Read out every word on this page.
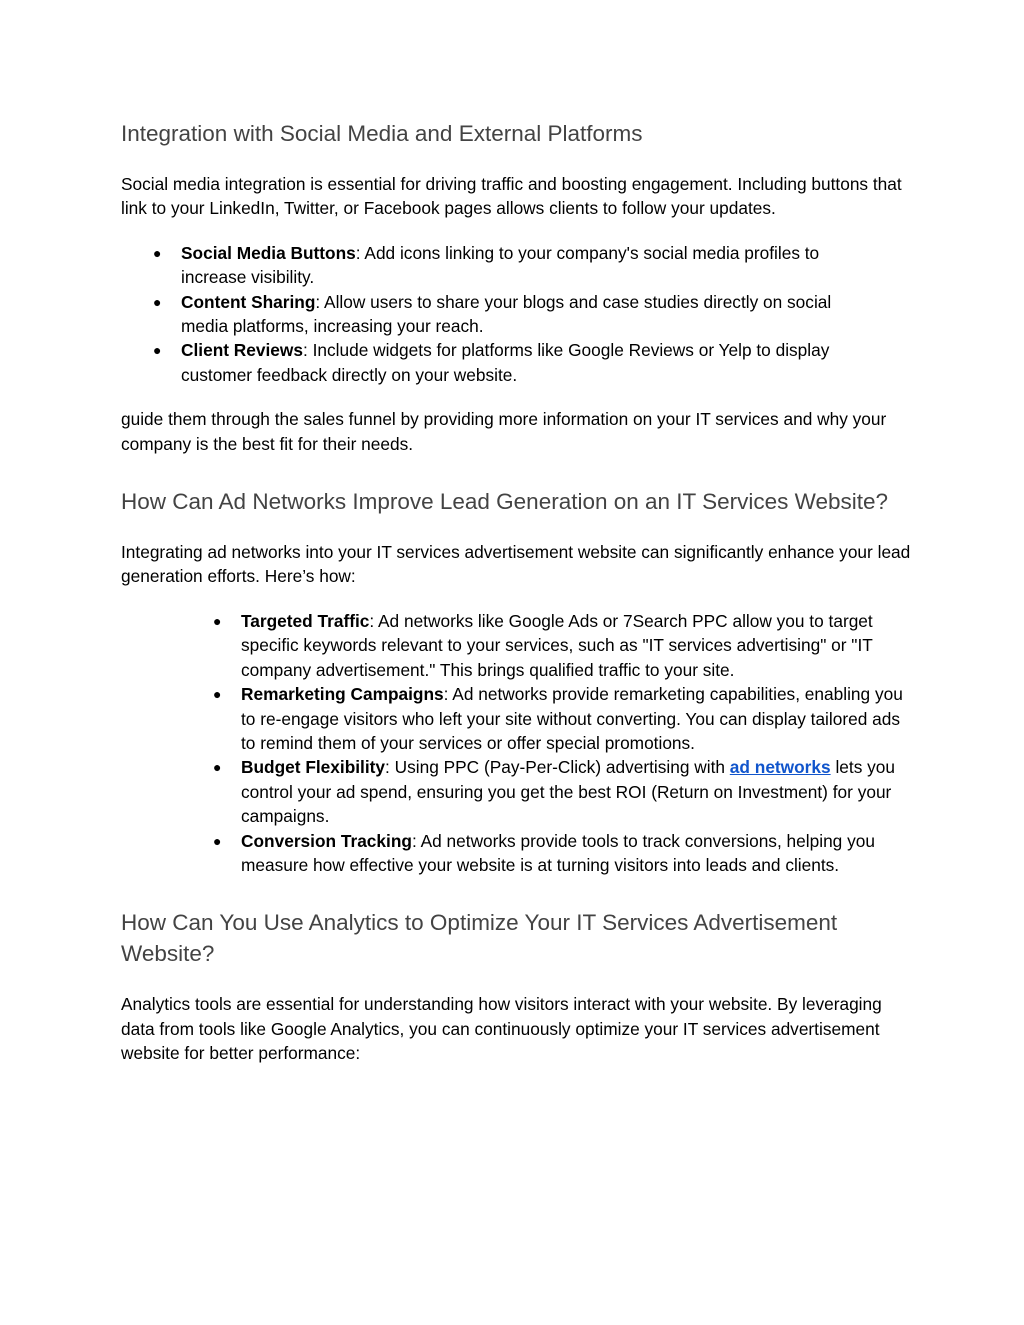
Integration with Social Media and External Platforms

Social media integration is essential for driving traffic and boosting engagement. Including buttons that link to your LinkedIn, Twitter, or Facebook pages allows clients to follow your updates.

● Social Media Buttons: Add icons linking to your company's social media profiles to increase visibility.
● Content Sharing: Allow users to share your blogs and case studies directly on social media platforms, increasing your reach.
● Client Reviews: Include widgets for platforms like Google Reviews or Yelp to display customer feedback directly on your website.

guide them through the sales funnel by providing more information on your IT services and why your company is the best fit for their needs.

How Can Ad Networks Improve Lead Generation on an IT Services Website?

Integrating ad networks into your IT services advertisement website can significantly enhance your lead generation efforts. Here’s how:

● Targeted Traffic: Ad networks like Google Ads or 7Search PPC allow you to target specific keywords relevant to your services, such as "IT services advertising" or "IT company advertisement." This brings qualified traffic to your site.
● Remarketing Campaigns: Ad networks provide remarketing capabilities, enabling you to re-engage visitors who left your site without converting. You can display tailored ads to remind them of your services or offer special promotions.
● Budget Flexibility: Using PPC (Pay-Per-Click) advertising with ad networks lets you control your ad spend, ensuring you get the best ROI (Return on Investment) for your campaigns.
● Conversion Tracking: Ad networks provide tools to track conversions, helping you measure how effective your website is at turning visitors into leads and clients.
How Can You Use Analytics to Optimize Your IT Services Advertisement Website?

Analytics tools are essential for understanding how visitors interact with your website. By leveraging data from tools like Google Analytics, you can continuously optimize your IT services advertisement website for better performance:
